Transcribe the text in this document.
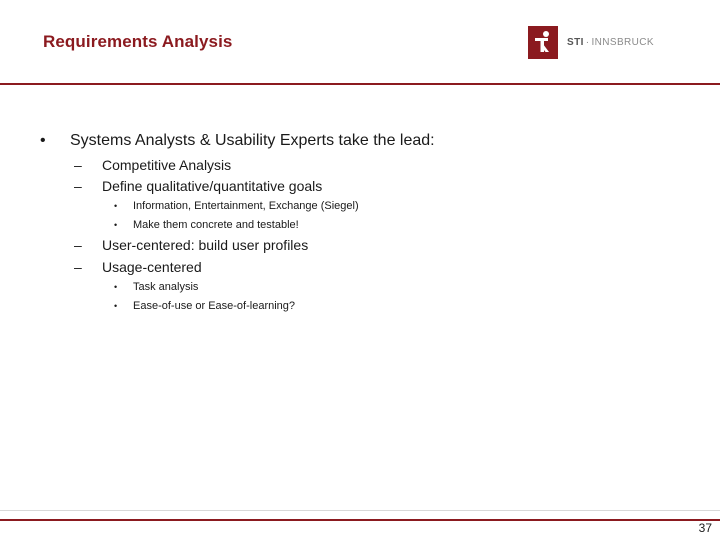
Requirements Analysis	STI · INNSBRUCK
• Systems Analysts & Usability Experts take the lead:
– Competitive Analysis
– Define qualitative/quantitative goals
• Information, Entertainment, Exchange (Siegel)
• Make them concrete and testable!
– User-centered: build user profiles
– Usage-centered
• Task analysis
• Ease-of-use or Ease-of-learning?
37
